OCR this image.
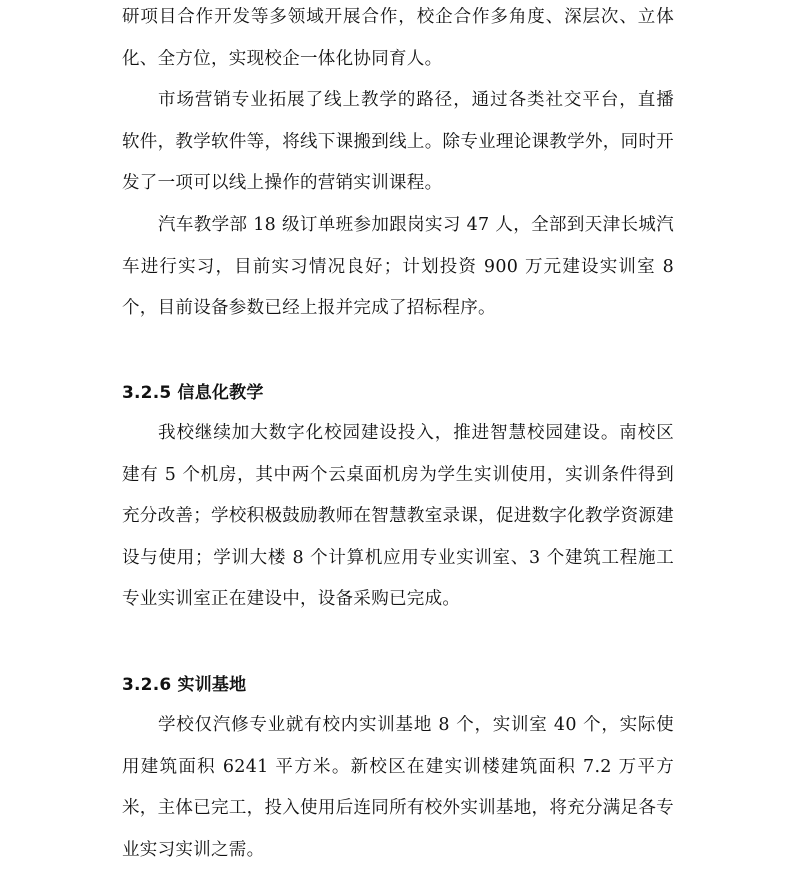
研项目合作开发等多领域开展合作，校企合作多角度、深层次、立体化、全方位，实现校企一体化协同育人。

市场营销专业拓展了线上教学的路径，通过各类社交平台，直播软件，教学软件等，将线下课搬到线上。除专业理论课教学外，同时开发了一项可以线上操作的营销实训课程。

汽车教学部 18 级订单班参加跟岗实习 47 人，全部到天津长城汽车进行实习，目前实习情况良好；计划投资 900 万元建设实训室 8 个，目前设备参数已经上报并完成了招标程序。

3.2.5 信息化教学

我校继续加大数字化校园建设投入，推进智慧校园建设。南校区建有 5 个机房，其中两个云桌面机房为学生实训使用，实训条件得到充分改善；学校积极鼓励教师在智慧教室录课，促进数字化教学资源建设与使用；学训大楼 8 个计算机应用专业实训室、3 个建筑工程施工专业实训室正在建设中，设备采购已完成。

3.2.6 实训基地

学校仅汽修专业就有校内实训基地 8 个，实训室 40 个，实际使用建筑面积 6241 平方米。新校区在建实训楼建筑面积 7.2 万平方米，主体已完工，投入使用后连同所有校外实训基地，将充分满足各专业实习实训之需。
